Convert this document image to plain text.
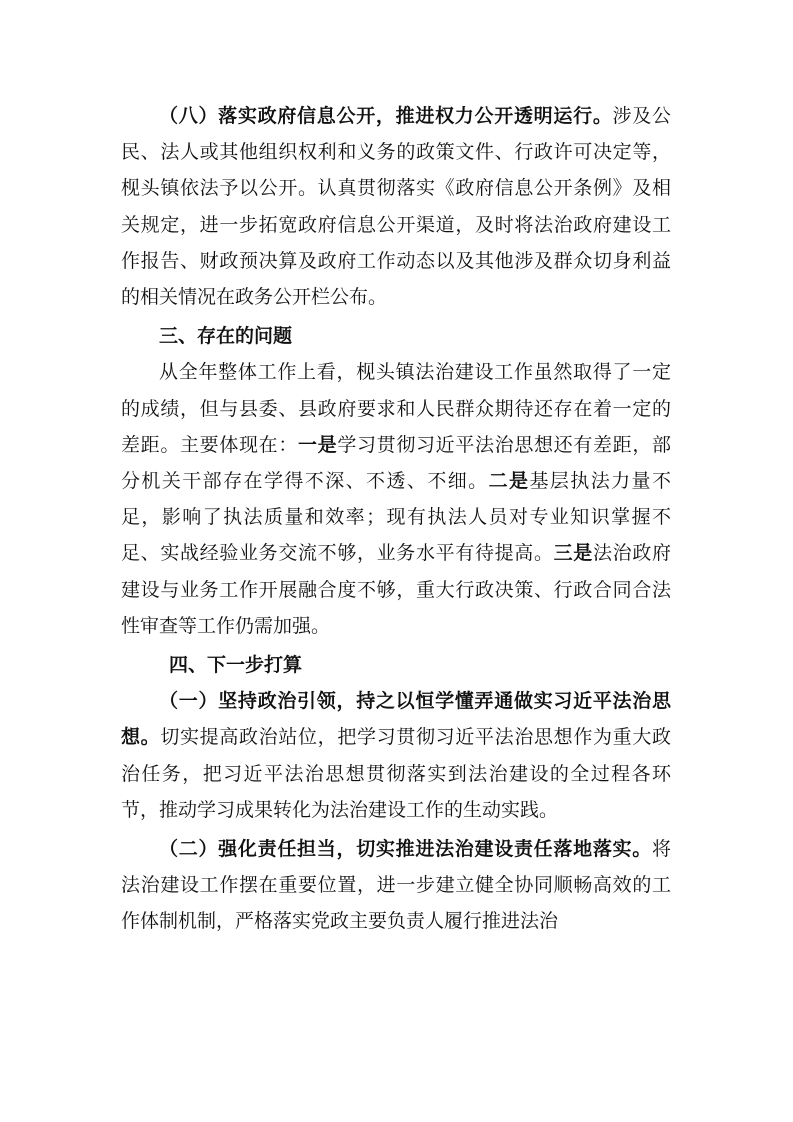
（八）落实政府信息公开，推进权力公开透明运行。涉及公民、法人或其他组织权利和义务的政策文件、行政许可决定等，枧头镇依法予以公开。认真贯彻落实《政府信息公开条例》及相关规定，进一步拓宽政府信息公开渠道，及时将法治政府建设工作报告、财政预决算及政府工作动态以及其他涉及群众切身利益的相关情况在政务公开栏公布。

三、存在的问题

从全年整体工作上看，枧头镇法治建设工作虽然取得了一定的成绩，但与县委、县政府要求和人民群众期待还存在着一定的差距。主要体现在：一是学习贯彻习近平法治思想还有差距，部分机关干部存在学得不深、不透、不细。二是基层执法力量不足，影响了执法质量和效率；现有执法人员对专业知识掌握不足、实战经验业务交流不够，业务水平有待提高。三是法治政府建设与业务工作开展融合度不够，重大行政决策、行政合同合法性审查等工作仍需加强。

四、下一步打算

（一）坚持政治引领，持之以恒学懂弄通做实习近平法治思想。切实提高政治站位，把学习贯彻习近平法治思想作为重大政治任务，把习近平法治思想贯彻落实到法治建设的全过程各环节，推动学习成果转化为法治建设工作的生动实践。

（二）强化责任担当，切实推进法治建设责任落地落实。将法治建设工作摆在重要位置，进一步建立健全协同顺畅高效的工作体制机制，严格落实党政主要负责人履行推进法治
